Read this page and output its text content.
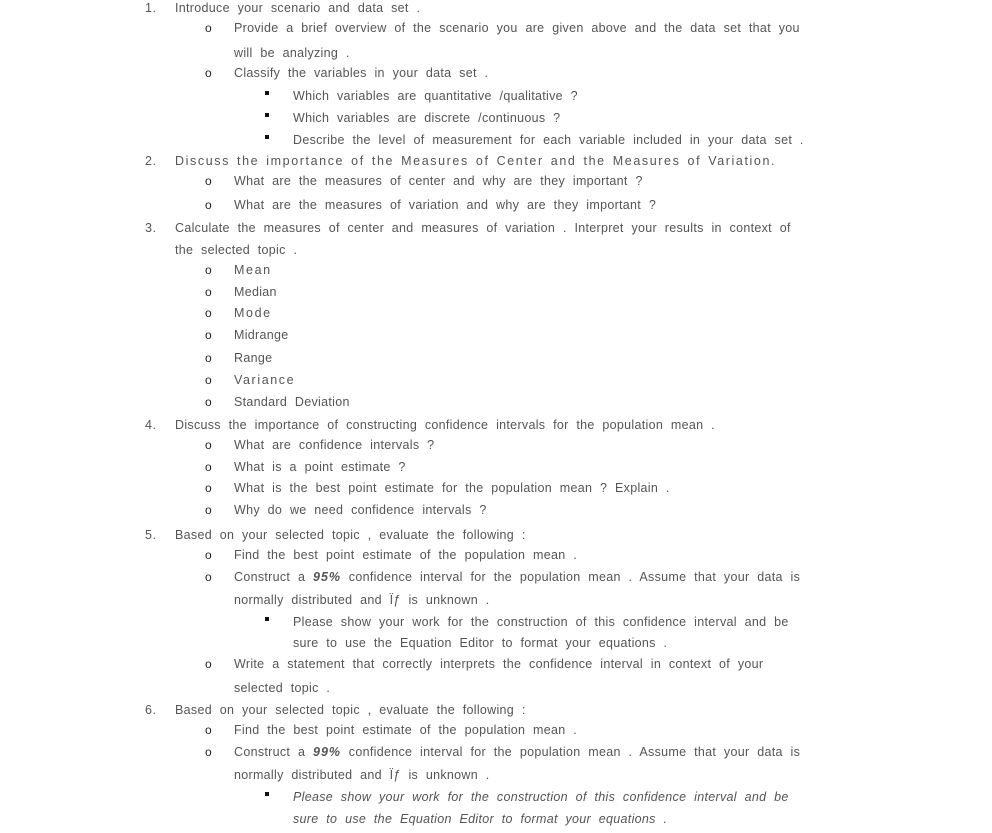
1. Introduce your scenario and data set .
o Provide a brief overview of the scenario you are given above and the data set that you
will be analyzing .
o Classify the variables in your data set .
Which variables are quantitative /qualitative ?
Which variables are discrete /continuous ?
Describe the level of measurement for each variable included in your data set .
2. Discuss the importance of the Measures of Center and the Measures of Variation.
o What are the measures of center and why are they important ?
o What are the measures of variation and why are they important ?
3. Calculate the measures of center and measures of variation . Interpret your results in context of
the selected topic .
o Mean
o Median
o Mode
o Midrange
o Range
o Variance
o Standard Deviation
4. Discuss the importance of constructing confidence intervals for the population mean .
o What are confidence intervals ?
o What is a point estimate ?
o What is the best point estimate for the population mean ? Explain .
o Why do we need confidence intervals ?
5. Based on your selected topic , evaluate the following :
o Find the best point estimate of the population mean .
o Construct a 95% confidence interval for the population mean . Assume that your data is
normally distributed and Ïƒ is unknown .
Please show your work for the construction of this confidence interval and be
sure to use the Equation Editor to format your equations .
o Write a statement that correctly interprets the confidence interval in context of your
selected topic .
6. Based on your selected topic , evaluate the following :
o Find the best point estimate of the population mean .
o Construct a 99% confidence interval for the population mean . Assume that your data is
normally distributed and Ïƒ is unknown .
Please show your work for the construction of this confidence interval and be
sure to use the Equation Editor to format your equations .
